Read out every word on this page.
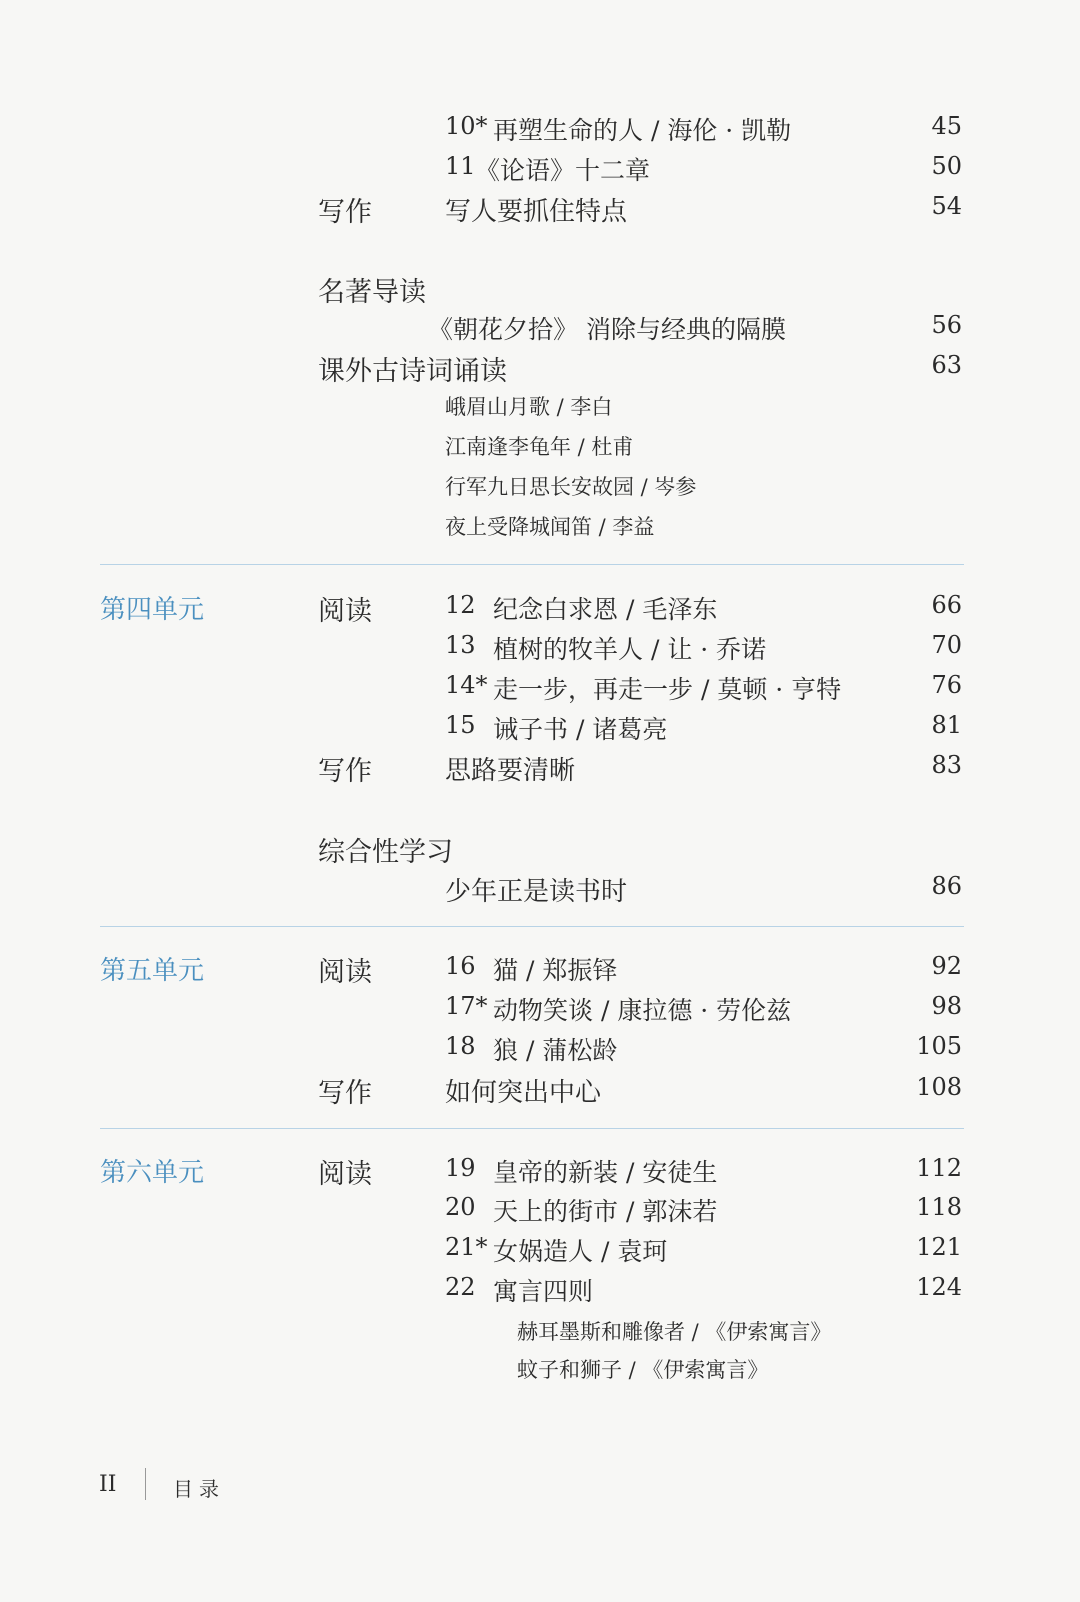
10* 再塑生命的人 / 海伦 · 凯勒	45
11 《论语》十二章	50
写作	写人要抓住特点	54
名著导读
《朝花夕拾》 消除与经典的隔膜	56
课外古诗词诵读	63
峨眉山月歌 / 李白
江南逢李龟年 / 杜甫
行军九日思长安故园 / 岑参
夜上受降城闻笛 / 李益
第四单元	阅读	12 纪念白求恩 / 毛泽东	66
13 植树的牧羊人 / 让 · 乔诺	70
14* 走一步，再走一步 / 莫顿 · 亨特	76
15 诫子书 / 诸葛亮	81
写作	思路要清晰	83
综合性学习
少年正是读书时	86
第五单元	阅读	16 猫 / 郑振铎	92
17* 动物笑谈 / 康拉德 · 劳伦兹	98
18 狼 / 蒲松龄	105
写作	如何突出中心	108
第六单元	阅读	19 皇帝的新装 / 安徒生	112
20 天上的街市 / 郭沫若	118
21* 女娲造人 / 袁珂	121
22 寓言四则	124
赫耳墨斯和雕像者 / 《伊索寓言》
蚊子和狮子 / 《伊索寓言》
II	目录
